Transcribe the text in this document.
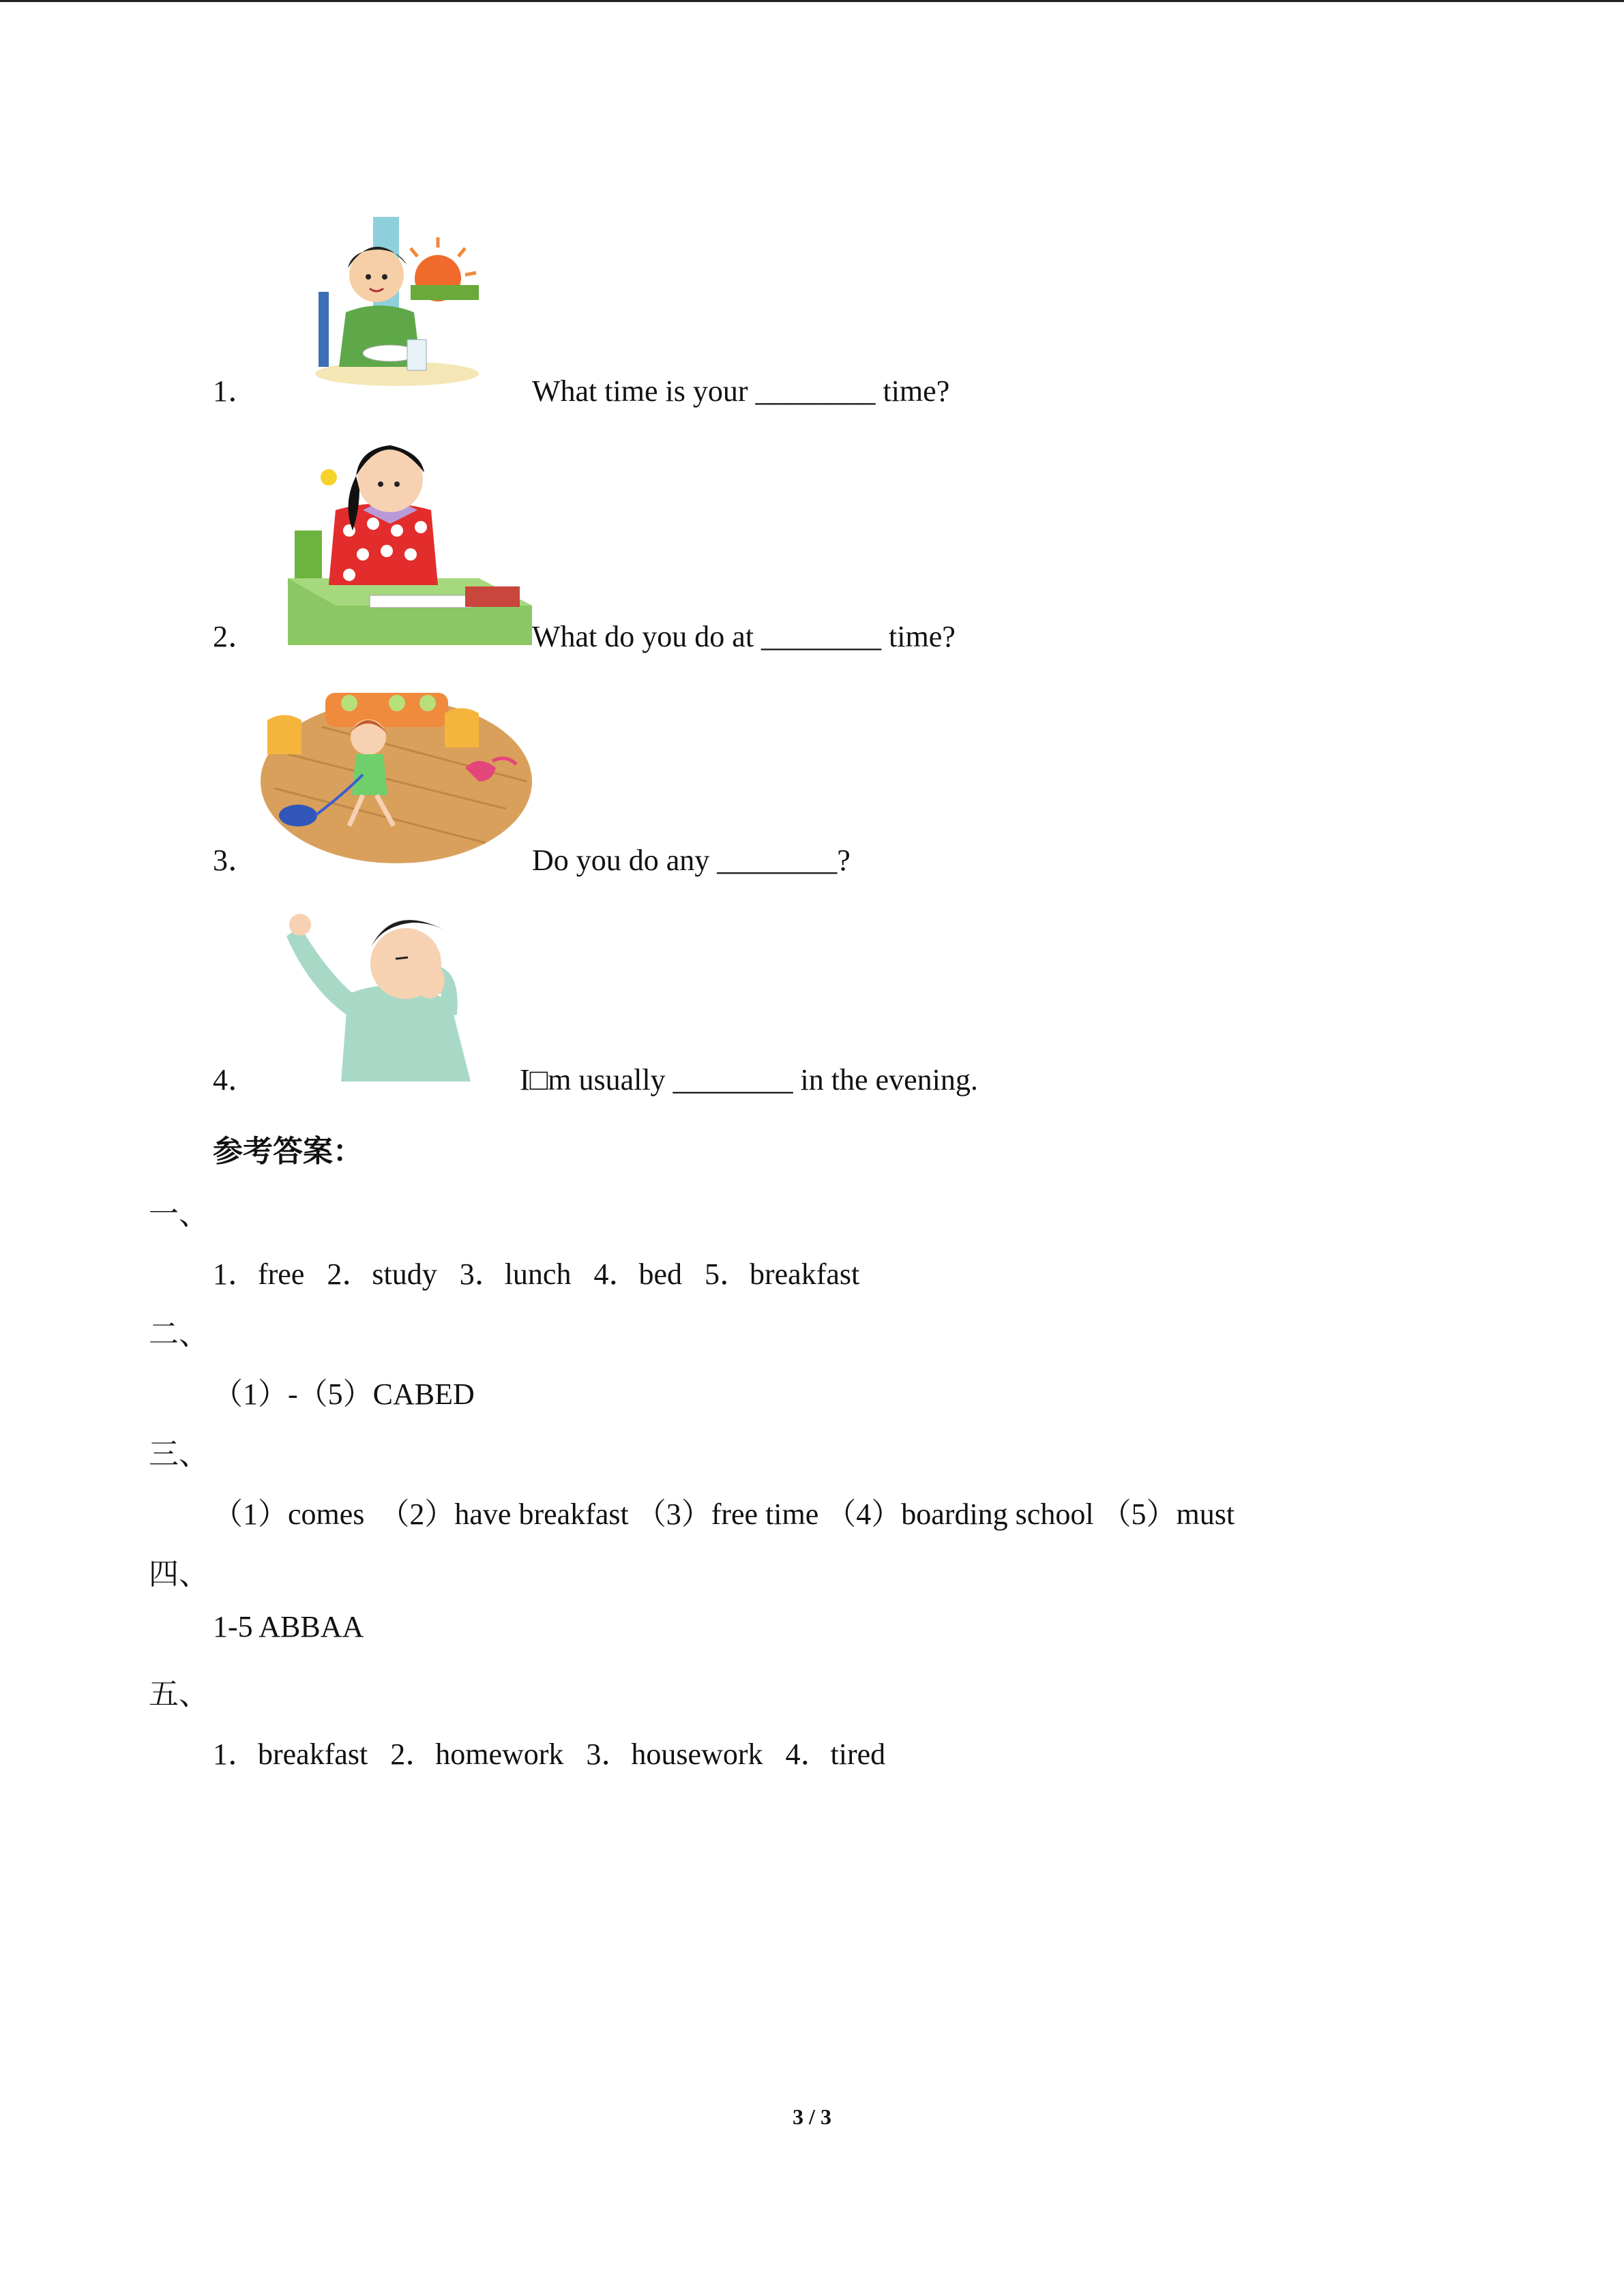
1．	What time is your ________ time?
2．	What do you do at ________ time?
3．	Do you do any ________?
4．	I□m usually ________ in the evening.
参考答案：
一、
1．free   2．study   3．lunch   4．bed   5．breakfast
二、
（1）-（5）CABED
三、
（1）comes  （2）have breakfast （3）free time （4）boarding school （5）must
四、
1-5 ABBAA
五、
1．breakfast   2．homework   3．housework   4．tired
3 / 3
